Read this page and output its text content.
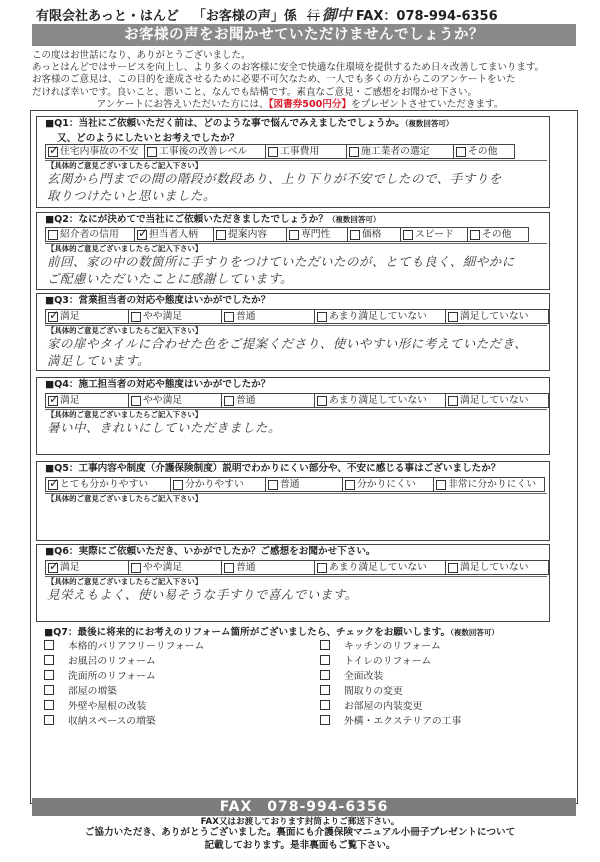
有限会社あっと・はんど 「お客様の声」係 行 御中 FAX：078-994-6356
お客様の声をお聞かせていただけませんでしょうか？

この度はお世話になり、ありがとうございました。

あっとはんどではサービスを向上し、より多くのお客様に安全で快適な住環境を提供するため日々改善してまいります。

お客様のご意見は、この目的を達成させるために必要不可欠なため、一人でも多くの方からこのアンケートをいた

だければ幸いです。良いこと、悪いこと、なんでも結構です。素直なご意見・ご感想をお聞かせ下さい。

アンケートにお答えいただいた方には、【図書券500円分】をプレゼントさせていただきます。
■Q1：当社にご依頼いただく前は、どのような事で悩んでみえましたでしょうか。（複数回答可）
又、どのようにしたいとお考えでしたか？
✓
住宅内事故の不安 工事後の改善レベル	工事費用	施工業者の選定	その他
【具体的ご意見ございましたらご記入下さい】
玄関から門までの間の階段が数段あり、上り下りが不安でしたので、手すりを
取りつけたいと思いました。
■Q2：なにが決めてで当社にご依頼いただきましたでしょうか？（複数回答可）
紹介者の信用
✓	担当者人柄	提案内容	専門性	価格	スピード	その他
【具体的ご意見ございましたらご記入下さい】
前回、家の中の数箇所に手すりをつけていただいたのが、とても良く、細やかに
ご配慮いただいたことに感謝しています。
■Q3：営業担当者の対応や態度はいかがでしたか？
✓
満足	やや満足	普通	あまり満足していない	満足していない
【具体的ご意見ございましたらご記入下さい】
家の扉やタイルに合わせた色をご提案くださり、使いやすい形に考えていただき、
満足しています。
■Q4：施工担当者の対応や態度はいかがでしたか？
✓
満足	やや満足	普通	あまり満足していない	満足していない
【具体的ご意見ございましたらご記入下さい】
暑い中、きれいにしていただきました。
■Q5：工事内容や制度（介護保険制度）説明でわかりにくい部分や、不安に感じる事はございましたか？
✓
とても分かりやすい	分かりやすい	普通	分かりにくい	非常に分かりにくい
【具体的ご意見ございましたらご記入下さい】
■Q6：実際にご依頼いただき、いかがでしたか？ご感想をお聞かせ下さい。
✓
満足	やや満足	普通	あまり満足していない	満足していない
【具体的ご意見ございましたらご記入下さい】
見栄えもよく、使い易そうな手すりで喜んでいます。
■Q7：最後に将来的にお考えのリフォーム箇所がございましたら、チェックをお願いします。（複数回答可）
本格的バリアフリーリフォーム
お風呂のリフォーム
洗面所のリフォーム
部屋の増築
外壁や屋根の改装
収納スペースの増築
キッチンのリフォーム
トイレのリフォーム
全面改装
間取りの変更
お部屋の内装変更
外構・エクステリアの工事
FAX　078-994-6356
FAX又はお渡しております封筒よりご郵送下さい。
ご協力いただき、ありがとうございました。裏面にも介護保険マニュアル小冊子プレゼントについて
記載しております。是非裏面もご覧下さい。
